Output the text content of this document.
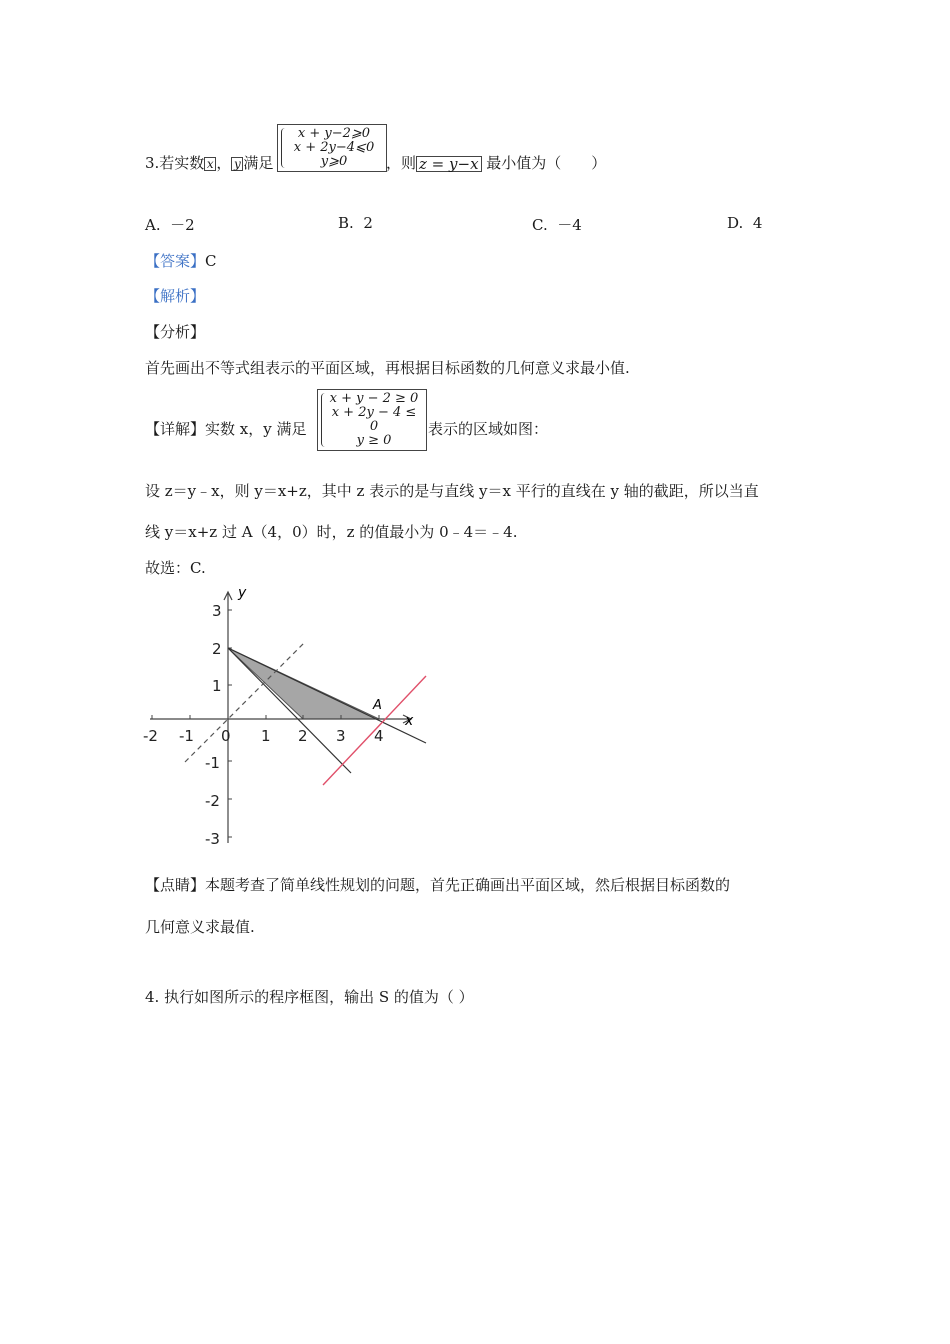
3.若实数 x ， y 满足
x + y−2⩾0
x + 2y−4⩽0
y⩾0	，则 z = y−x 最小值为（　　）
A. －2	B. 2	C. －4	D. 4
【答案】C
【解析】
【分析】
首先画出不等式组表示的平面区域，再根据目标函数的几何意义求最小值.
【详解】实数 x，y 满足
x + y − 2 ≥ 0
x + 2y − 4 ≤ 0
y ≥ 0
表示的区域如图：
设 z＝y﹣x，则 y＝x+z，其中 z 表示的是与直线 y＝x 平行的直线在 y 轴的截距，所以当直
线 y＝x+z 过 A（4，0）时，z 的值最小为 0﹣4＝﹣4.
故选：C.
y
x
A
-2 -1 0 1 2 3 4
3
2
1
-1
-2
-3
【点睛】本题考查了简单线性规划的问题，首先正确画出平面区域，然后根据目标函数的
几何意义求最值.
4. 执行如图所示的程序框图，输出 S 的值为（ ）
